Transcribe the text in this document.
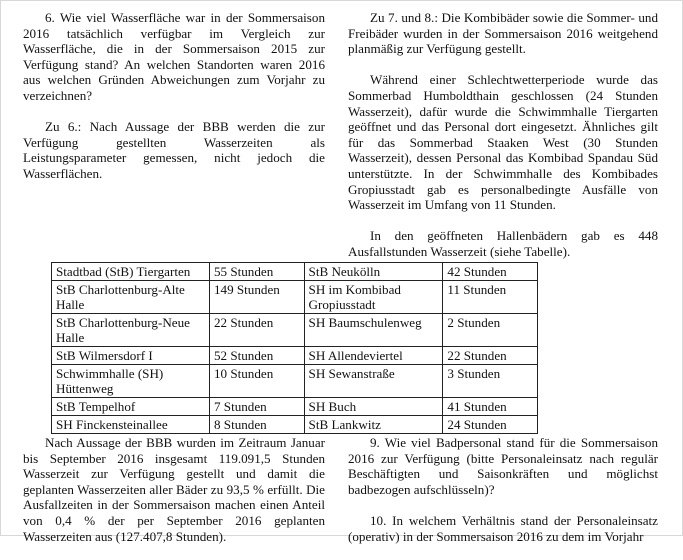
6. Wie viel Wasserfläche war in der Sommersaison 2016 tatsächlich verfügbar im Vergleich zur Wasserfläche, die in der Sommersaison 2015 zur Verfügung stand? An welchen Standorten waren 2016 aus welchen Gründen Abweichungen zum Vorjahr zu verzeichnen?

Zu 6.: Nach Aussage der BBB werden die zur Verfügung gestellten Wasserzeiten als Leistungsparameter gemessen, nicht jedoch die Wasserflächen.

Zu 7. und 8.: Die Kombibäder sowie die Sommer- und Freibäder wurden in der Sommersaison 2016 weitgehend planmäßig zur Verfügung gestellt.

Während einer Schlechtwetterperiode wurde das Sommerbad Humboldthain geschlossen (24 Stunden Wasserzeit), dafür wurde die Schwimmhalle Tiergarten geöffnet und das Personal dort eingesetzt. Ähnliches gilt für das Sommerbad Staaken West (30 Stunden Wasserzeit), dessen Personal das Kombibad Spandau Süd unterstützte. In der Schwimmhalle des Kombibades Gropiusstadt gab es personalbedingte Ausfälle von Wasserzeit im Umfang von 11 Stunden.

In den geöffneten Hallenbädern gab es 448 Ausfallstunden Wasserzeit (siehe Tabelle).

Stadtbad (StB) Tiergarten	55 Stunden	StB Neukölln	42 Stunden
StB Charlottenburg-Alte Halle	149 Stunden	SH im Kombibad Gropiusstadt	11 Stunden
StB Charlottenburg-Neue Halle	22 Stunden	SH Baumschulenweg	2 Stunden
StB Wilmersdorf I	52 Stunden	SH Allendeviertel	22 Stunden
Schwimmhalle (SH) Hüttenweg	10 Stunden	SH Sewanstraße	3 Stunden
StB Tempelhof	7 Stunden	SH Buch	41 Stunden
SH Finckensteinallee	8 Stunden	StB Lankwitz	24 Stunden

Nach Aussage der BBB wurden im Zeitraum Januar bis September 2016 insgesamt 119.091,5 Stunden Wasserzeit zur Verfügung gestellt und damit die geplanten Wasserzeiten aller Bäder zu 93,5 % erfüllt. Die Ausfallzeiten in der Sommersaison machen einen Anteil von 0,4 % der per September 2016 geplanten Wasserzeiten aus (127.407,8 Stunden).

9. Wie viel Badpersonal stand für die Sommersaison 2016 zur Verfügung (bitte Personaleinsatz nach regulär Beschäftigten und Saisonkräften und möglichst badbezogen aufschlüsseln)?

10. In welchem Verhältnis stand der Personaleinsatz (operativ) in der Sommersaison 2016 zu dem im Vorjahr
